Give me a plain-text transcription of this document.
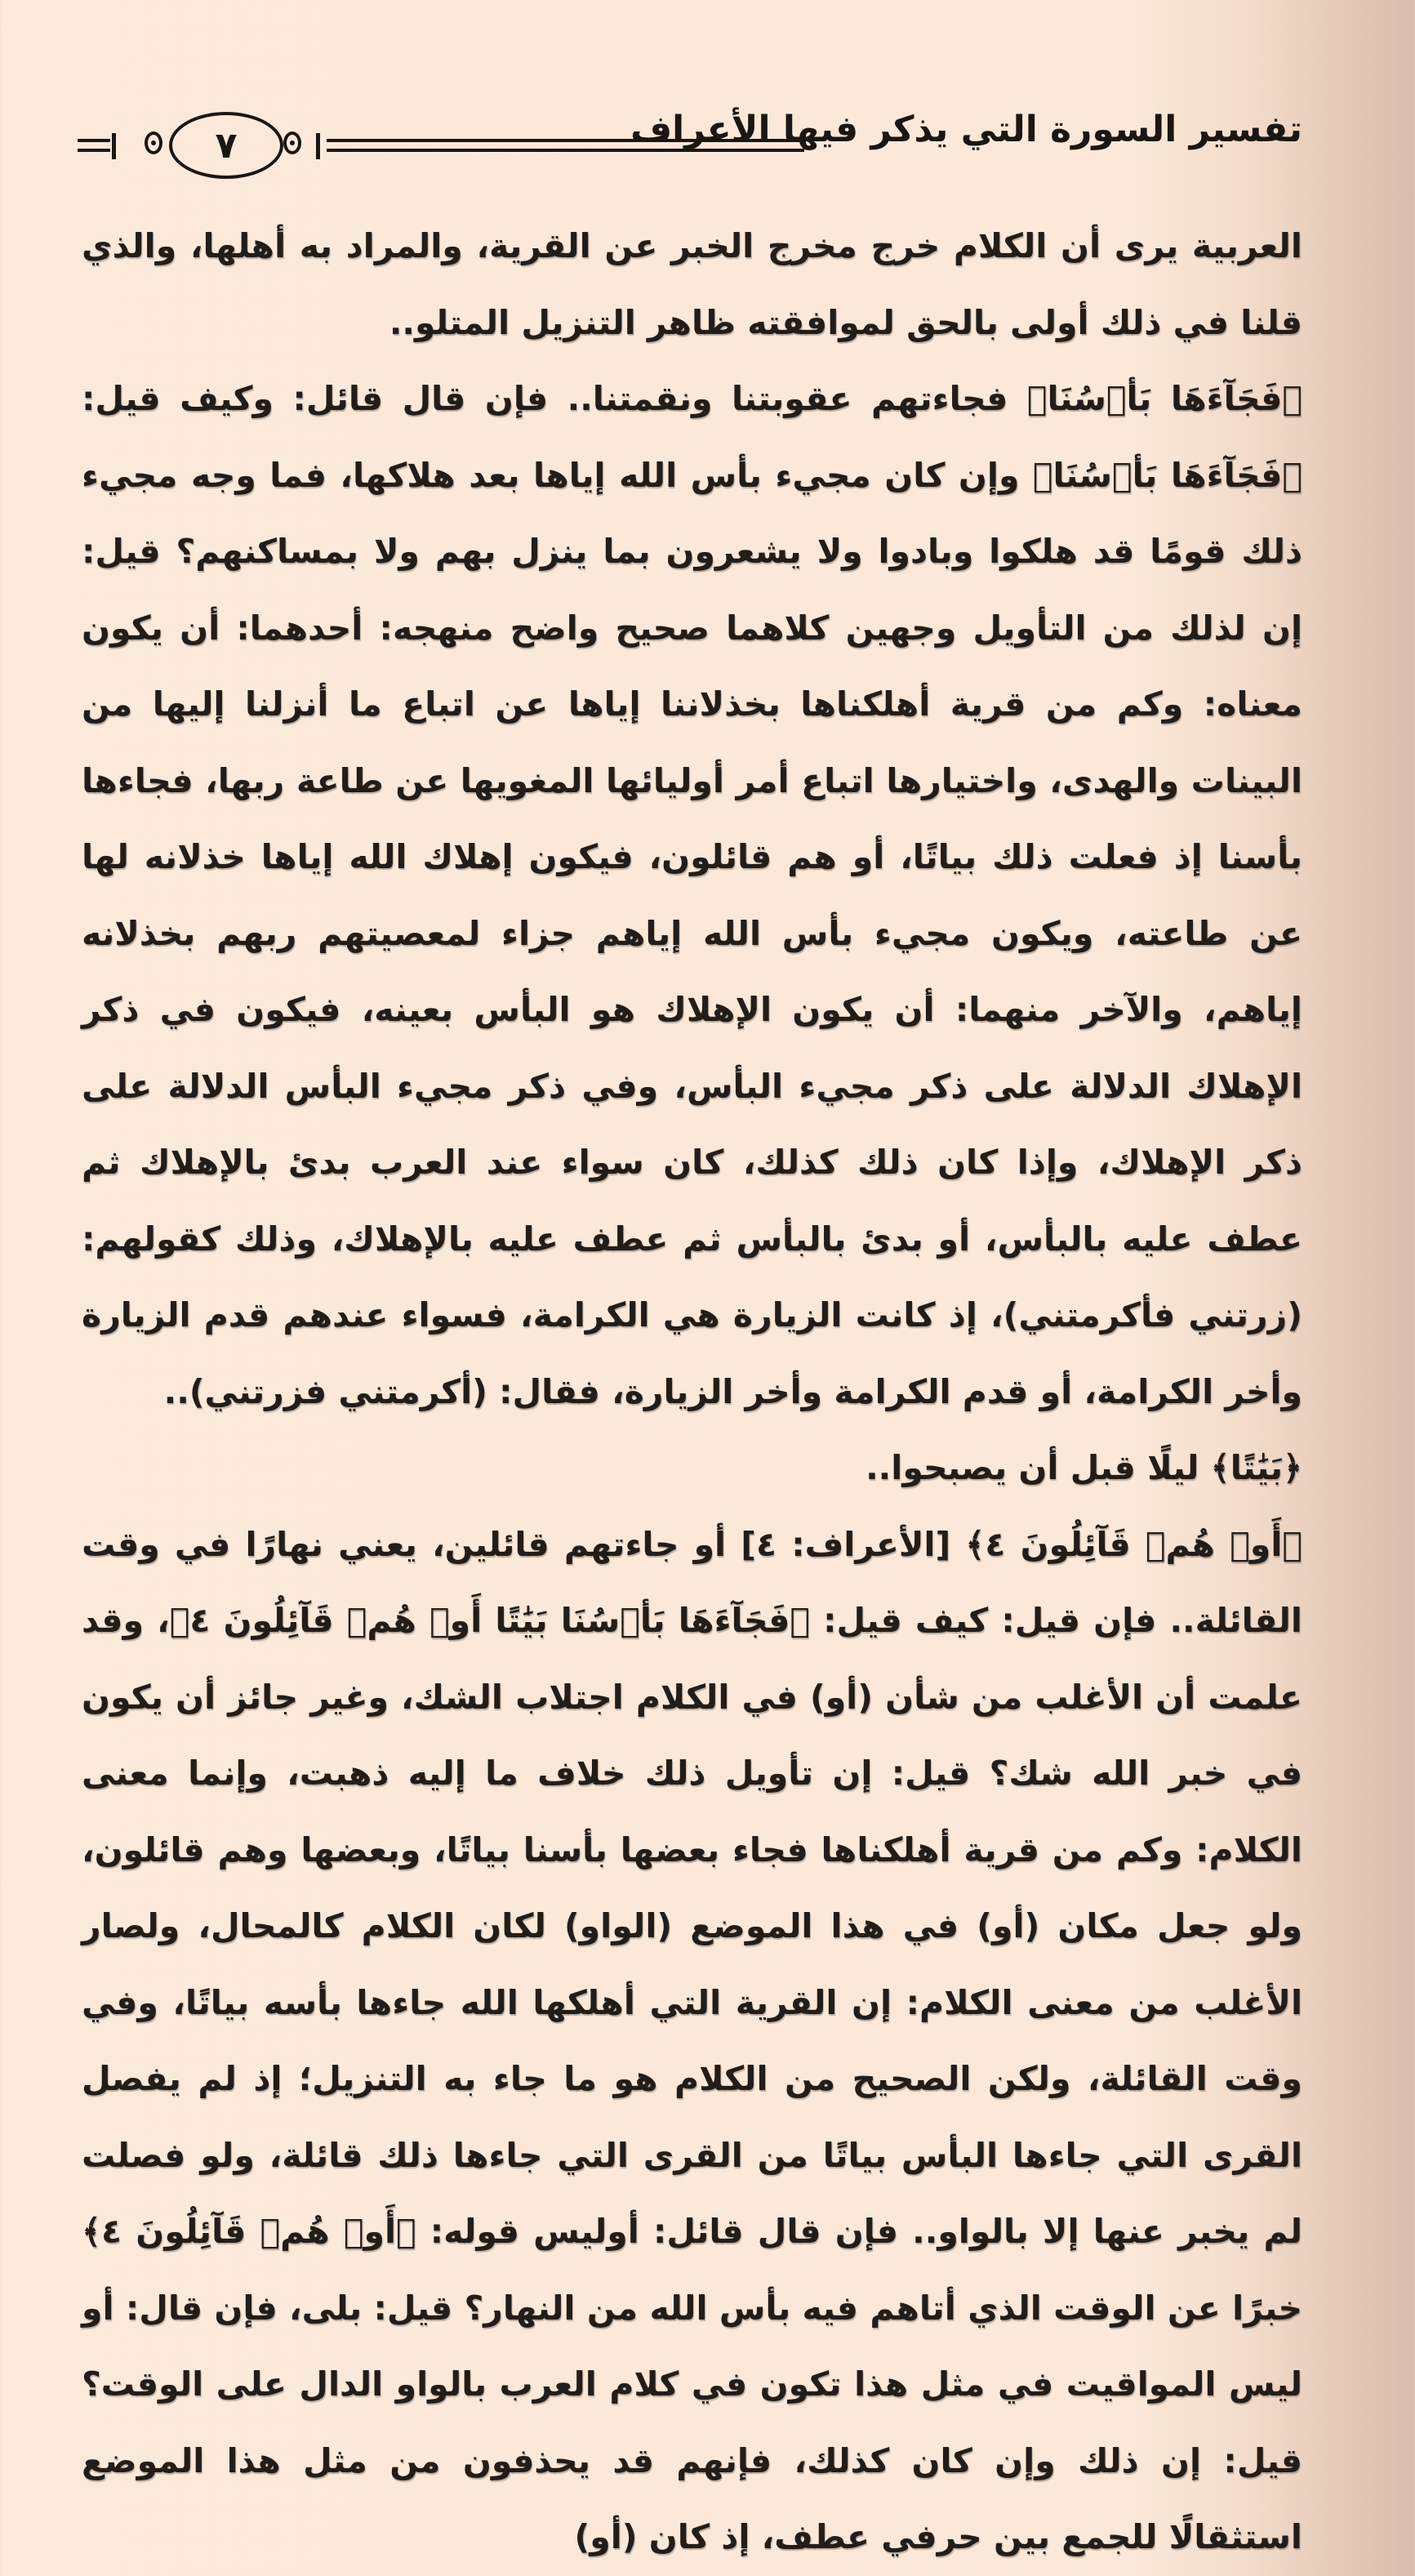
٧	تفسير السورة التي يذكر فيها الأعراف

العربية يرى أن الكلام خرج مخرج الخبر عن القرية، والمراد به أهلها، والذي قلنا في ذلك أولى بالحق لموافقته ظاهر التنزيل المتلو..

﴿فَجَآءَهَا بَأۡسُنَا﴾ فجاءتهم عقوبتنا ونقمتنا.. فإن قال قائل: وكيف قيل: ﴿فَجَآءَهَا بَأۡسُنَا﴾ وإن كان مجيء بأس الله إياها بعد هلاكها، فما وجه مجيء ذلك قومًا قد هلكوا وبادوا ولا يشعرون بما ينزل بهم ولا بمساكنهم؟ قيل: إن لذلك من التأويل وجهين كلاهما صحيح واضح منهجه: أحدهما: أن يكون معناه: وكم من قرية أهلكناها بخذلاننا إياها عن اتباع ما أنزلنا إليها من البينات والهدى، واختيارها اتباع أمر أوليائها المغويها عن طاعة ربها، فجاءها بأسنا إذ فعلت ذلك بياتًا، أو هم قائلون، فيكون إهلاك الله إياها خذلانه لها عن طاعته، ويكون مجيء بأس الله إياهم جزاء لمعصيتهم ربهم بخذلانه إياهم، والآخر منهما: أن يكون الإهلاك هو البأس بعينه، فيكون في ذكر الإهلاك الدلالة على ذكر مجيء البأس، وفي ذكر مجيء البأس الدلالة على ذكر الإهلاك، وإذا كان ذلك كذلك، كان سواء عند العرب بدئ بالإهلاك ثم عطف عليه بالبأس، أو بدئ بالبأس ثم عطف عليه بالإهلاك، وذلك كقولهم: (زرتني فأكرمتني)، إذ كانت الزيارة هي الكرامة، فسواء عندهم قدم الزيارة وأخر الكرامة، أو قدم الكرامة وأخر الزيارة، فقال: (أكرمتني فزرتني)..

﴿بَيَٰتًا﴾ ليلًا قبل أن يصبحوا..

﴿أَوۡ هُمۡ قَآئِلُونَ ٤﴾ [الأعراف: ٤] أو جاءتهم قائلين، يعني نهارًا في وقت القائلة.. فإن قيل: كيف قيل: ﴿فَجَآءَهَا بَأۡسُنَا بَيَٰتًا أَوۡ هُمۡ قَآئِلُونَ ٤﴾، وقد علمت أن الأغلب من شأن (أو) في الكلام اجتلاب الشك، وغير جائز أن يكون في خبر الله شك؟ قيل: إن تأويل ذلك خلاف ما إليه ذهبت، وإنما معنى الكلام: وكم من قرية أهلكناها فجاء بعضها بأسنا بياتًا، وبعضها وهم قائلون، ولو جعل مكان (أو) في هذا الموضع (الواو) لكان الكلام كالمحال، ولصار الأغلب من معنى الكلام: إن القرية التي أهلكها الله جاءها بأسه بياتًا، وفي وقت القائلة، ولكن الصحيح من الكلام هو ما جاء به التنزيل؛ إذ لم يفصل القرى التي جاءها البأس بياتًا من القرى التي جاءها ذلك قائلة، ولو فصلت لم يخبر عنها إلا بالواو.. فإن قال قائل: أوليس قوله: ﴿أَوۡ هُمۡ قَآئِلُونَ ٤﴾ خبرًا عن الوقت الذي أتاهم فيه بأس الله من النهار؟ قيل: بلى، فإن قال: أو ليس المواقيت في مثل هذا تكون في كلام العرب بالواو الدال على الوقت؟ قيل: إن ذلك وإن كان كذلك، فإنهم قد يحذفون من مثل هذا الموضع استثقالًا للجمع بين حرفي عطف، إذ كان (أو)
